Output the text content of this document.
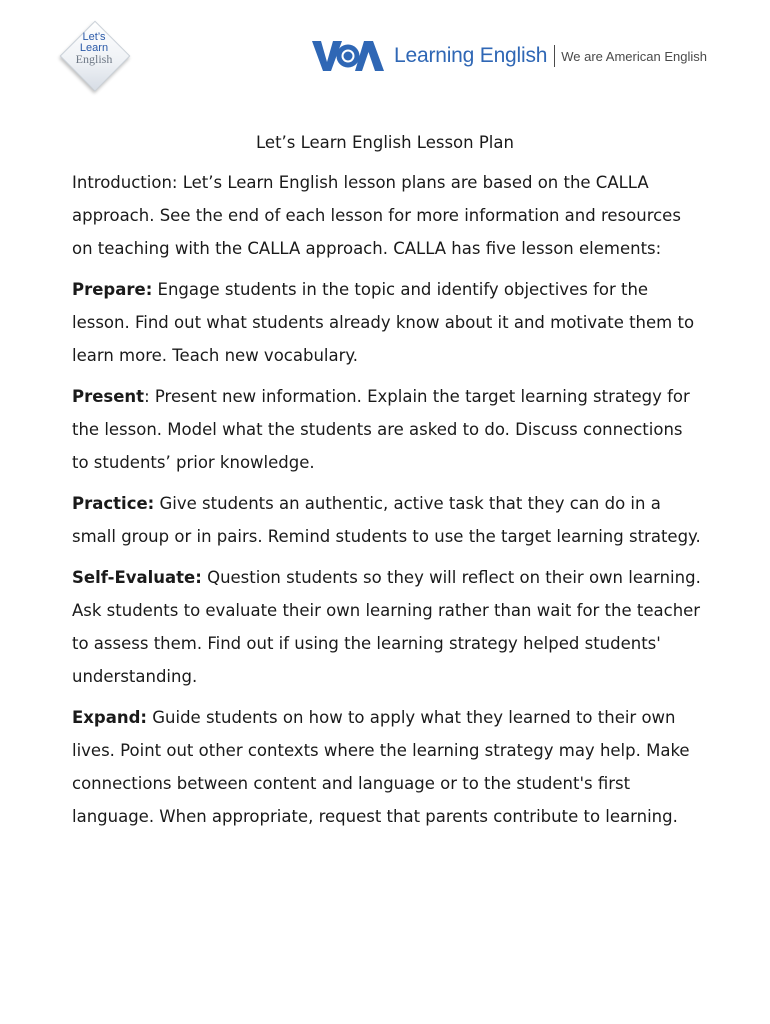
Let’s
Learn
English	Learning English We are American English
Let’s Learn English Lesson Plan

Introduction: Let’s Learn English lesson plans are based on the CALLA approach. See the end of each lesson for more information and resources on teaching with the CALLA approach. CALLA has five lesson elements:

Prepare: Engage students in the topic and identify objectives for the lesson. Find out what students already know about it and motivate them to learn more. Teach new vocabulary.

Present: Present new information. Explain the target learning strategy for the lesson. Model what the students are asked to do. Discuss connections to students’ prior knowledge.

Practice: Give students an authentic, active task that they can do in a small group or in pairs. Remind students to use the target learning strategy.

Self-Evaluate: Question students so they will reflect on their own learning. Ask students to evaluate their own learning rather than wait for the teacher to assess them. Find out if using the learning strategy helped students' understanding.

Expand: Guide students on how to apply what they learned to their own lives. Point out other contexts where the learning strategy may help. Make connections between content and language or to the student's first language. When appropriate, request that parents contribute to learning.
